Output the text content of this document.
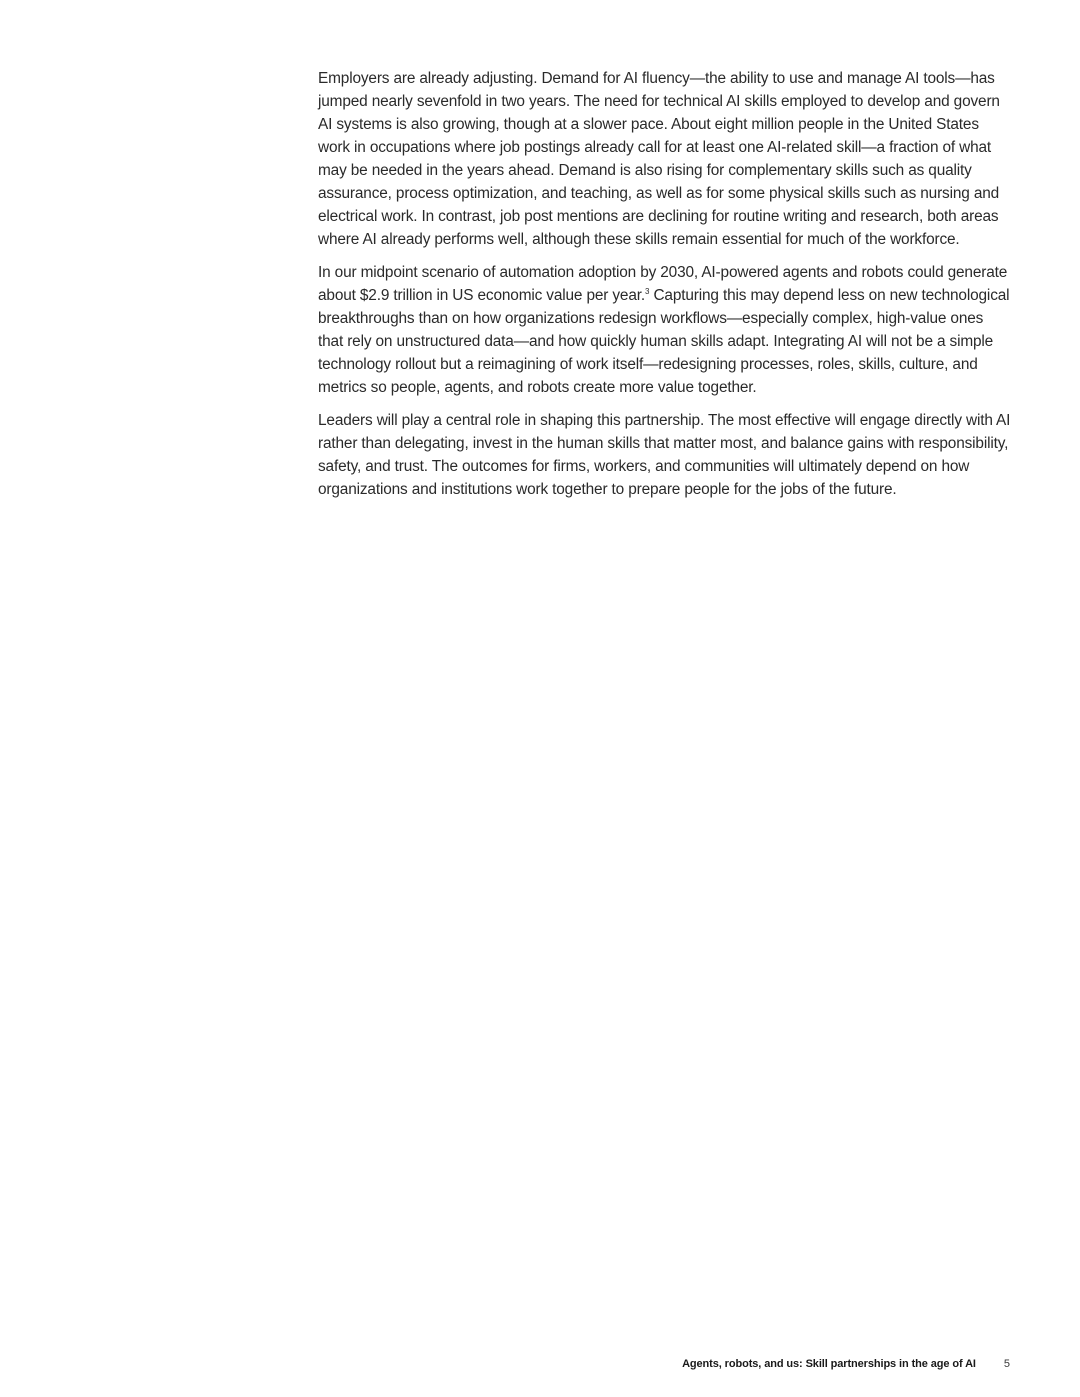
Employers are already adjusting. Demand for AI fluency—the ability to use and manage AI tools—has jumped nearly sevenfold in two years. The need for technical AI skills employed to develop and govern AI systems is also growing, though at a slower pace. About eight million people in the United States work in occupations where job postings already call for at least one AI-related skill—a fraction of what may be needed in the years ahead. Demand is also rising for complementary skills such as quality assurance, process optimization, and teaching, as well as for some physical skills such as nursing and electrical work. In contrast, job post mentions are declining for routine writing and research, both areas where AI already performs well, although these skills remain essential for much of the workforce.

In our midpoint scenario of automation adoption by 2030, AI-powered agents and robots could generate about $2.9 trillion in US economic value per year.$^3$ Capturing this may depend less on new technological breakthroughs than on how organizations redesign workflows—especially complex, high-value ones that rely on unstructured data—and how quickly human skills adapt. Integrating AI will not be a simple technology rollout but a reimagining of work itself—redesigning processes, roles, skills, culture, and metrics so people, agents, and robots create more value together.

Leaders will play a central role in shaping this partnership. The most effective will engage directly with AI rather than delegating, invest in the human skills that matter most, and balance gains with responsibility, safety, and trust. The outcomes for firms, workers, and communities will ultimately depend on how organizations and institutions work together to prepare people for the jobs of the future.

Agents, robots, and us: Skill partnerships in the age of AI	5
